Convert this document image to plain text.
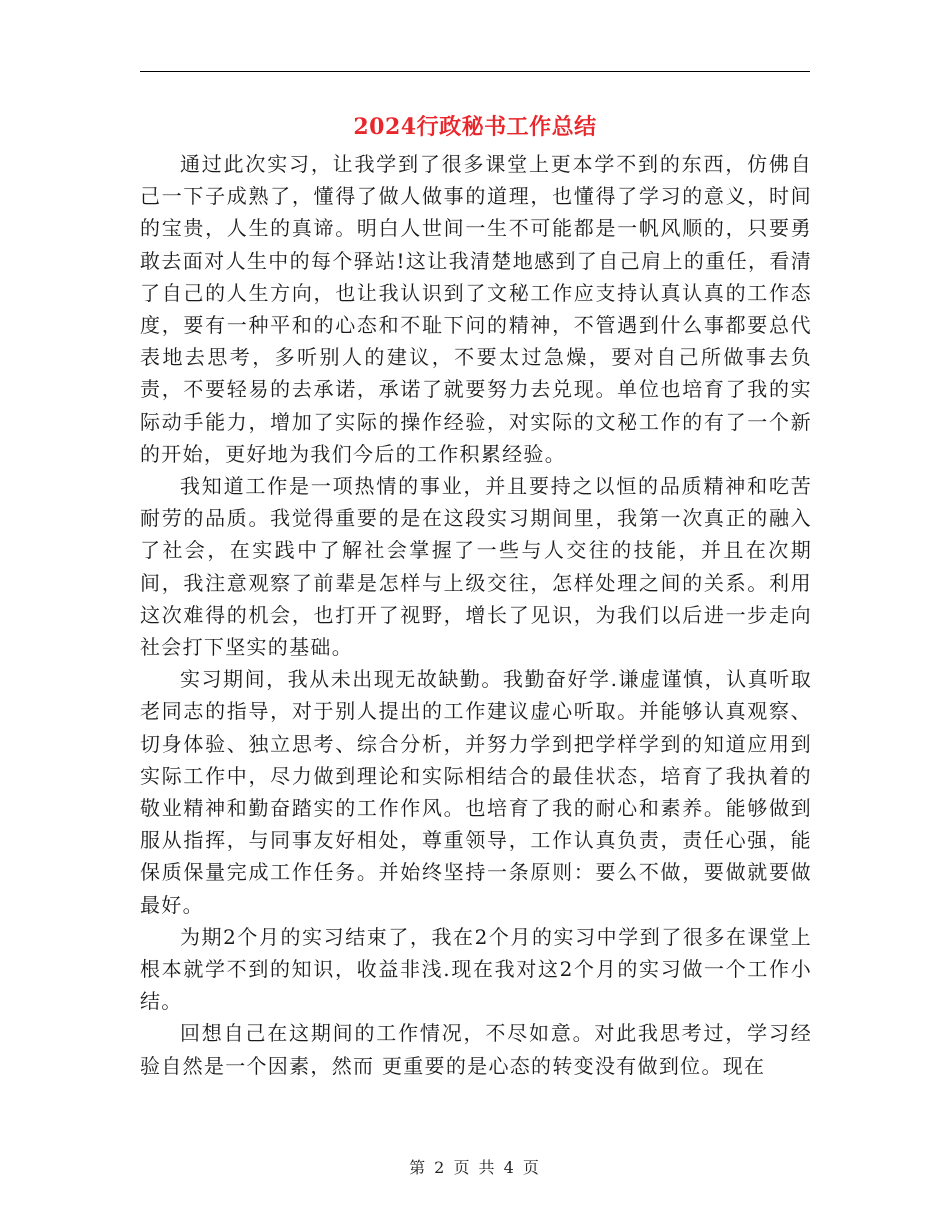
2024行政秘书工作总结

通过此次实习，让我学到了很多课堂上更本学不到的东西，仿佛自己一下子成熟了，懂得了做人做事的道理，也懂得了学习的意义，时间的宝贵，人生的真谛。明白人世间一生不可能都是一帆风顺的，只要勇敢去面对人生中的每个驿站!这让我清楚地感到了自己肩上的重任，看清了自己的人生方向，也让我认识到了文秘工作应支持认真认真的工作态度，要有一种平和的心态和不耻下问的精神，不管遇到什么事都要总代表地去思考，多听别人的建议，不要太过急燥，要对自己所做事去负责，不要轻易的去承诺，承诺了就要努力去兑现。单位也培育了我的实际动手能力，增加了实际的操作经验，对实际的文秘工作的有了一个新的开始，更好地为我们今后的工作积累经验。

我知道工作是一项热情的事业，并且要持之以恒的品质精神和吃苦耐劳的品质。我觉得重要的是在这段实习期间里，我第一次真正的融入了社会，在实践中了解社会掌握了一些与人交往的技能，并且在次期间，我注意观察了前辈是怎样与上级交往，怎样处理之间的关系。利用这次难得的机会，也打开了视野，增长了见识，为我们以后进一步走向社会打下坚实的基础。

实习期间，我从未出现无故缺勤。我勤奋好学.谦虚谨慎，认真听取老同志的指导，对于别人提出的工作建议虚心听取。并能够认真观察、切身体验、独立思考、综合分析，并努力学到把学样学到的知道应用到实际工作中，尽力做到理论和实际相结合的最佳状态，培育了我执着的敬业精神和勤奋踏实的工作作风。也培育了我的耐心和素养。能够做到服从指挥，与同事友好相处，尊重领导，工作认真负责，责任心强，能保质保量完成工作任务。并始终坚持一条原则：要么不做，要做就要做最好。

为期2个月的实习结束了，我在2个月的实习中学到了很多在课堂上根本就学不到的知识，收益非浅.现在我对这2个月的实习做一个工作小结。

回想自己在这期间的工作情况，不尽如意。对此我思考过，学习经验自然是一个因素，然而 更重要的是心态的转变没有做到位。现在

第 2 页 共 4 页
